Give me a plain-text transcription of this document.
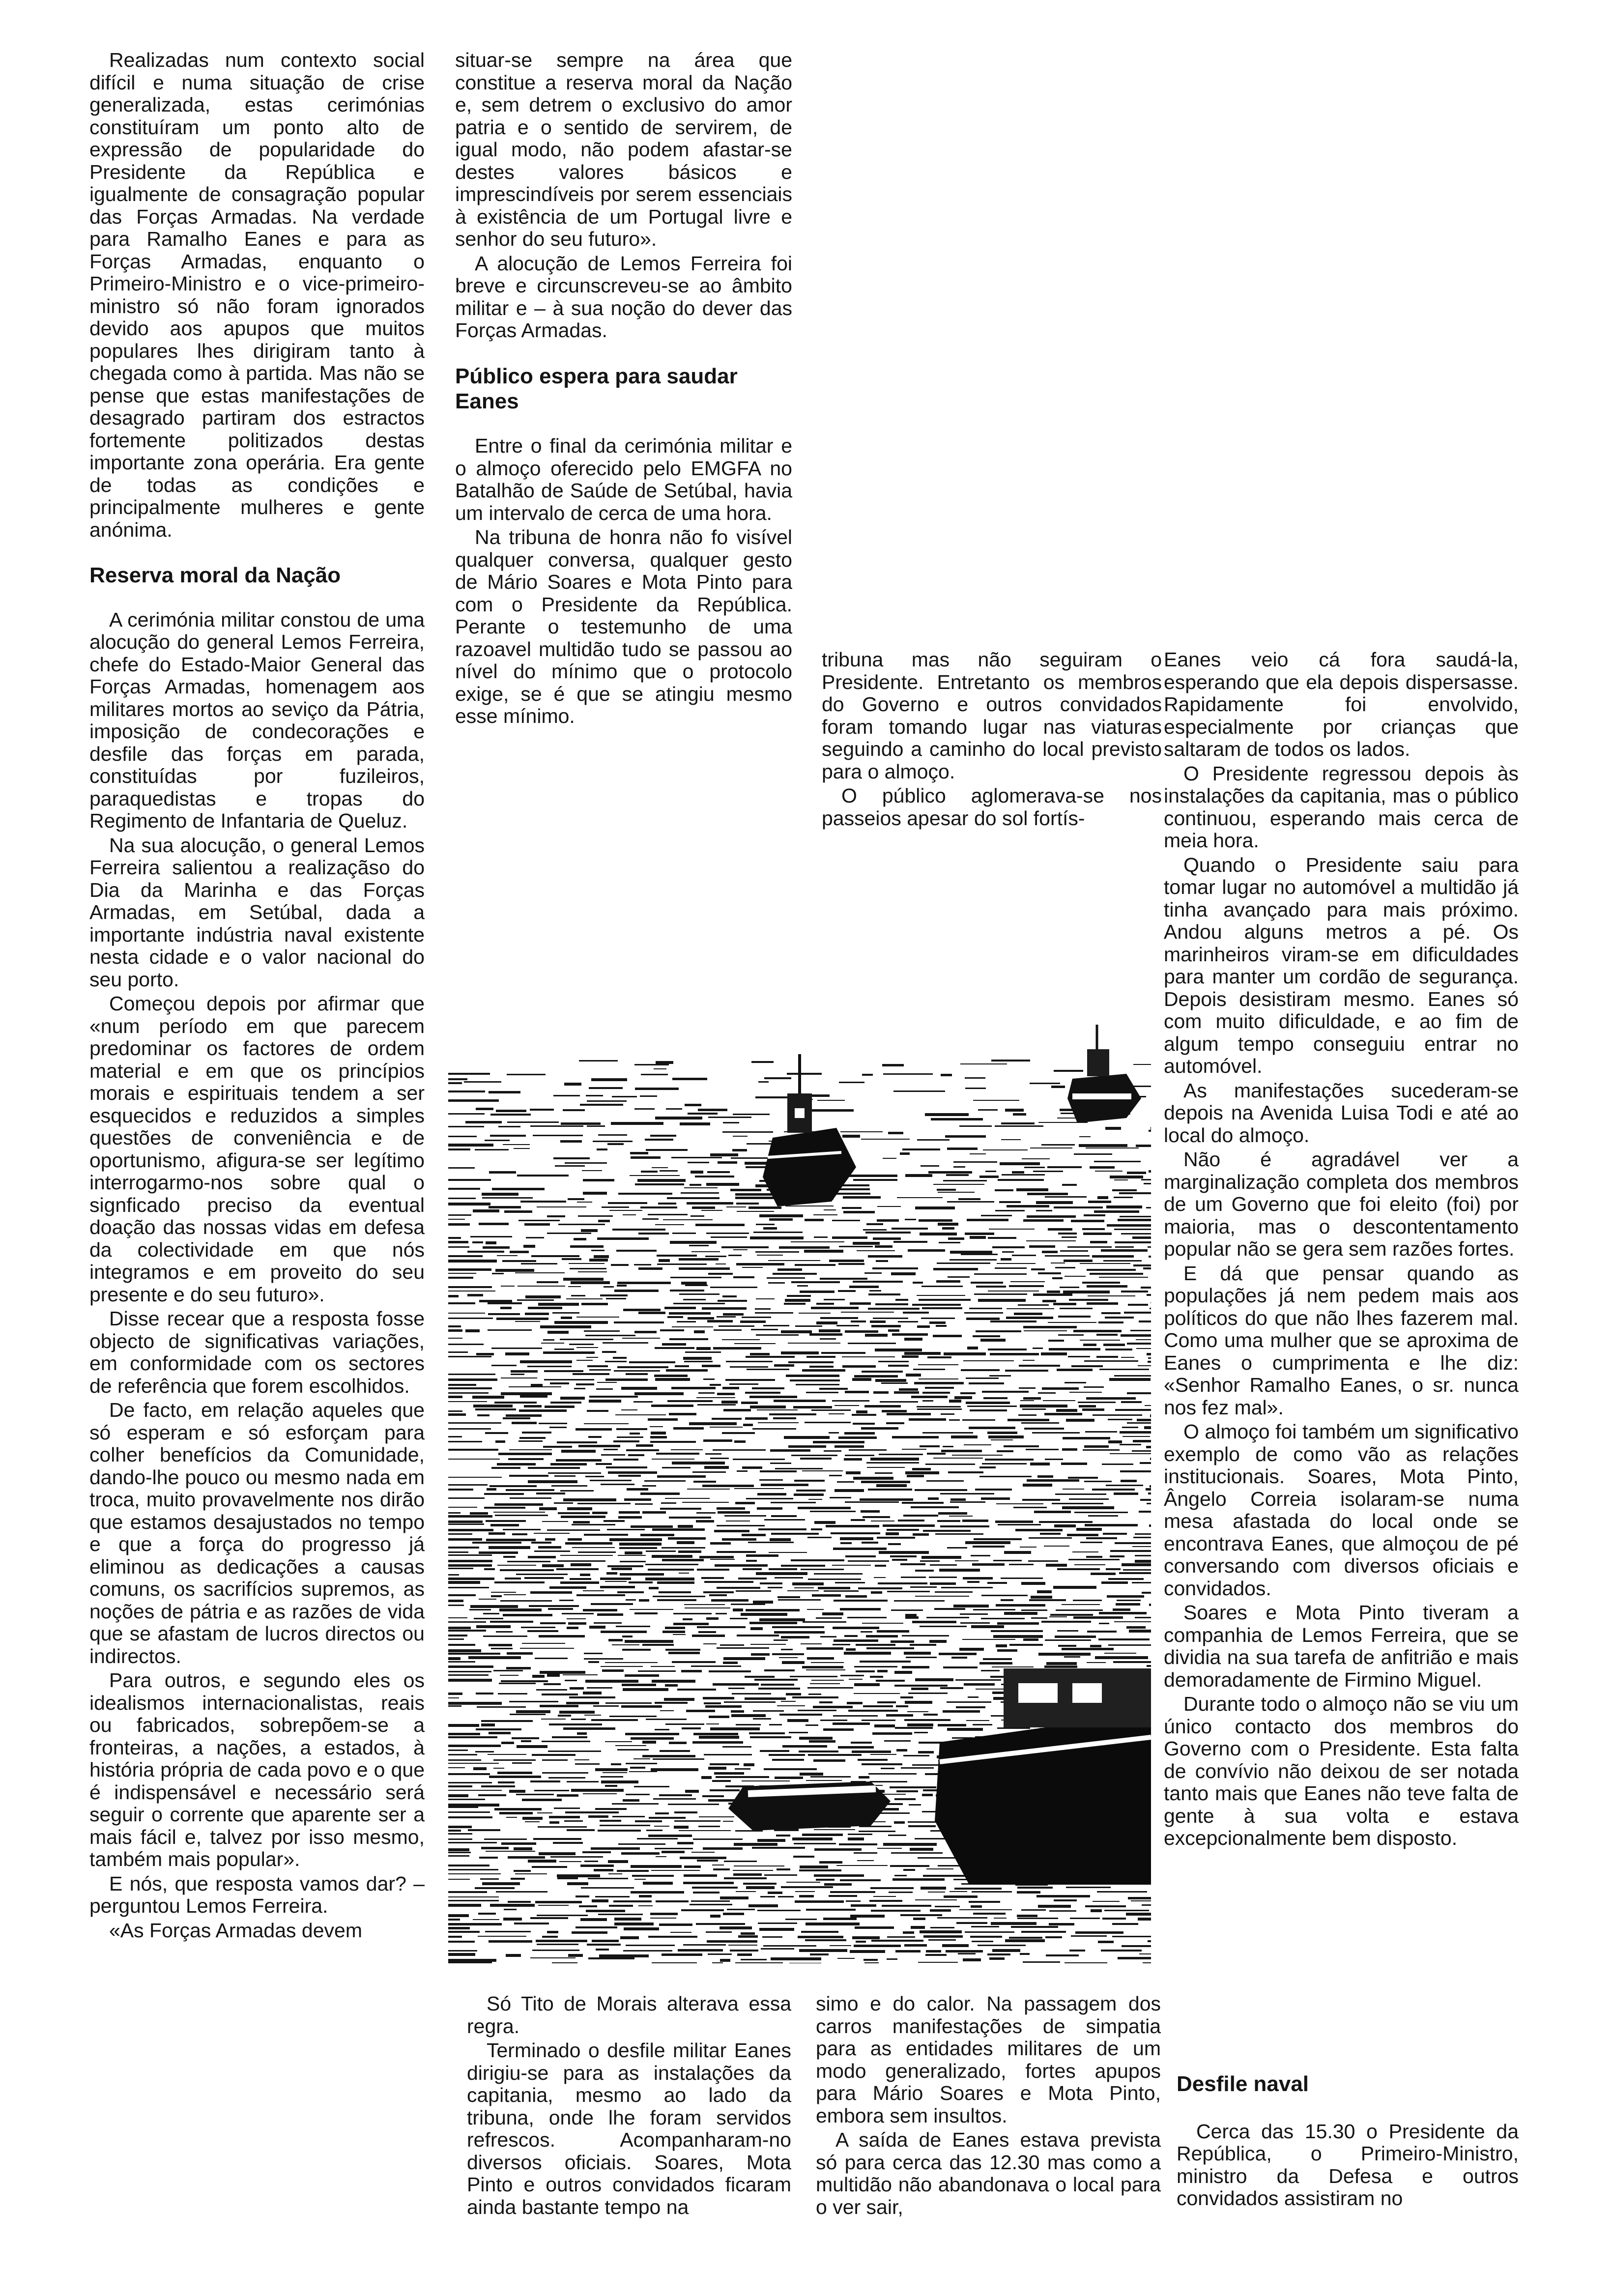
Realizadas num contexto social difícil e numa situação de crise generalizada, estas cerimónias constituíram um ponto alto de expressão de popularidade do Presidente da República e igualmente de consagração popular das Forças Armadas. Na verdade para Ramalho Eanes e para as Forças Armadas, enquanto o Primeiro-Ministro e o vice-primeiro-ministro só não foram ignorados devido aos apupos que muitos populares lhes dirigiram tanto à chegada como à partida. Mas não se pense que estas manifestações de desagrado partiram dos estractos fortemente politizados destas importante zona operária. Era gente de todas as condições e principalmente mulheres e gente anónima.

Reserva moral da Nação

A cerimónia militar constou de uma alocução do general Lemos Ferreira, chefe do Estado-Maior General das Forças Armadas, homenagem aos militares mortos ao seviço da Pátria, imposição de condecorações e desfile das forças em parada, constituídas por fuzileiros, paraquedistas e tropas do Regimento de Infantaria de Queluz.

Na sua alocução, o general Lemos Ferreira salientou a realizaçãso do Dia da Marinha e das Forças Armadas, em Setúbal, dada a importante indústria naval existente nesta cidade e o valor nacional do seu porto.

Começou depois por afirmar que «num período em que parecem predominar os factores de ordem material e em que os princípios morais e espirituais tendem a ser esquecidos e reduzidos a simples questões de conveniência e de oportunismo, afigura-se ser legítimo interrogarmo-nos sobre qual o signficado preciso da eventual doação das nossas vidas em defesa da colectividade em que nós integramos e em proveito do seu presente e do seu futuro».

Disse recear que a resposta fosse objecto de significativas variações, em conformidade com os sectores de referência que forem escolhidos.

De facto, em relação aqueles que só esperam e só esforçam para colher benefícios da Comunidade, dando-lhe pouco ou mesmo nada em troca, muito provavelmente nos dirão que estamos desajustados no tempo e que a força do progresso já eliminou as dedicações a causas comuns, os sacrifícios supremos, as noções de pátria e as razões de vida que se afastam de lucros directos ou indirectos.

Para outros, e segundo eles os idealismos internacionalistas, reais ou fabricados, sobrepõem-se a fronteiras, a nações, a estados, à história própria de cada povo e o que é indispensável e necessário será seguir o corrente que aparente ser a mais fácil e, talvez por isso mesmo, também mais popular».

E nós, que resposta vamos dar? – perguntou Lemos Ferreira.

«As Forças Armadas devem

situar-se sempre na área que constitue a reserva moral da Nação e, sem detrem o exclusivo do amor patria e o sentido de servirem, de igual modo, não podem afastar-se destes valores básicos e imprescindíveis por serem essenciais à existência de um Portugal livre e senhor do seu futuro».

A alocução de Lemos Ferreira foi breve e circunscreveu-se ao âmbito militar e – à sua noção do dever das Forças Armadas.

Público espera para saudar Eanes

Entre o final da cerimónia militar e o almoço oferecido pelo EMGFA no Batalhão de Saúde de Setúbal, havia um intervalo de cerca de uma hora.

Na tribuna de honra não fo visível qualquer conversa, qualquer gesto de Mário Soares e Mota Pinto para com o Presidente da República. Perante o testemunho de uma razoavel multidão tudo se passou ao nível do mínimo que o protocolo exige, se é que se atingiu mesmo esse mínimo.

tribuna mas não seguiram o Presidente. Entretanto os membros do Governo e outros convidados foram tomando lugar nas viaturas seguindo a caminho do local previsto para o almoço.

O público aglomerava-se nos passeios apesar do sol fortís-

Eanes veio cá fora saudá-la, esperando que ela depois dispersasse. Rapidamente foi envolvido, especialmente por crianças que saltaram de todos os lados.

O Presidente regressou depois às instalações da capitania, mas o público continuou, esperando mais cerca de meia hora.

Quando o Presidente saiu para tomar lugar no automóvel a multidão já tinha avançado para mais próximo. Andou alguns metros a pé. Os marinheiros viram-se em dificuldades para manter um cordão de segurança. Depois desistiram mesmo. Eanes só com muito dificuldade, e ao fim de algum tempo conseguiu entrar no automóvel.

As manifestações sucederam-se depois na Avenida Luisa Todi e até ao local do almoço.

Não é agradável ver a marginalização completa dos membros de um Governo que foi eleito (foi) por maioria, mas o descontentamento popular não se gera sem razões fortes.

E dá que pensar quando as populações já nem pedem mais aos políticos do que não lhes fazerem mal. Como uma mulher que se aproxima de Eanes o cumprimenta e lhe diz: «Senhor Ramalho Eanes, o sr. nunca nos fez mal».

O almoço foi também um significativo exemplo de como vão as relações institucionais. Soares, Mota Pinto, Ângelo Correia isolaram-se numa mesa afastada do local onde se encontrava Eanes, que almoçou de pé conversando com diversos oficiais e convidados.

Soares e Mota Pinto tiveram a companhia de Lemos Ferreira, que se dividia na sua tarefa de anfitrião e mais demoradamente de Firmino Miguel.

Durante todo o almoço não se viu um único contacto dos membros do Governo com o Presidente. Esta falta de convívio não deixou de ser notada tanto mais que Eanes não teve falta de gente à sua volta e estava excepcionalmente bem disposto.

Só Tito de Morais alterava essa regra.

Terminado o desfile militar Eanes dirigiu-se para as instalações da capitania, mesmo ao lado da tribuna, onde lhe foram servidos refrescos. Acompanharam-no diversos oficiais. Soares, Mota Pinto e outros convidados ficaram ainda bastante tempo na

simo e do calor. Na passagem dos carros manifestações de simpatia para as entidades militares de um modo generalizado, fortes apupos para Mário Soares e Mota Pinto, embora sem insultos.

A saída de Eanes estava prevista só para cerca das 12.30 mas como a multidão não abandonava o local para o ver sair,

Desfile naval

Cerca das 15.30 o Presidente da República, o Primeiro-Ministro, ministro da Defesa e outros convidados assistiram no
